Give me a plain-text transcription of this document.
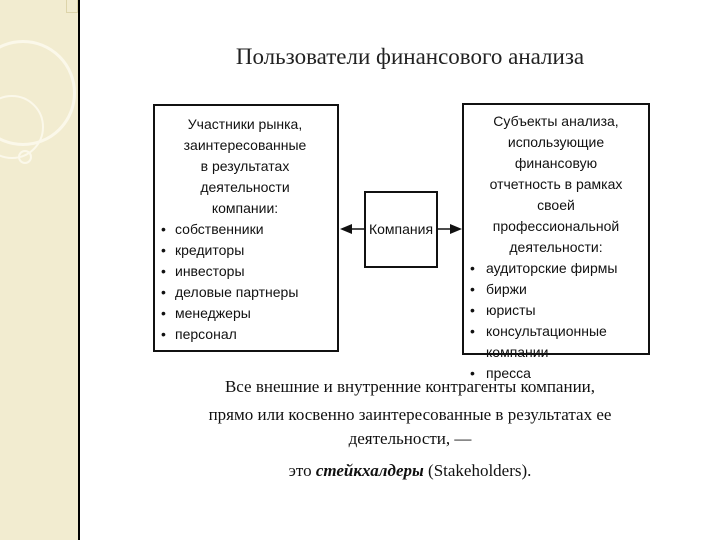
Пользователи финансового анализа
Участники рынка,
заинтересованные
в результатах деятельности
компании:
• собственники
• кредиторы
• инвесторы
• деловые партнеры
• менеджеры
• персонал
Компания
Субъекты анализа,
использующие финансовую
отчетность в рамках своей
профессиональной
деятельности:
• аудиторские фирмы
• биржи
• юристы
• консультационные компании
• пресса

Все внешние и внутренние контрагенты компании,

прямо или косвенно заинтересованные в результатах ее

деятельности, —

это стейкхалдеры (Stakeholders).
